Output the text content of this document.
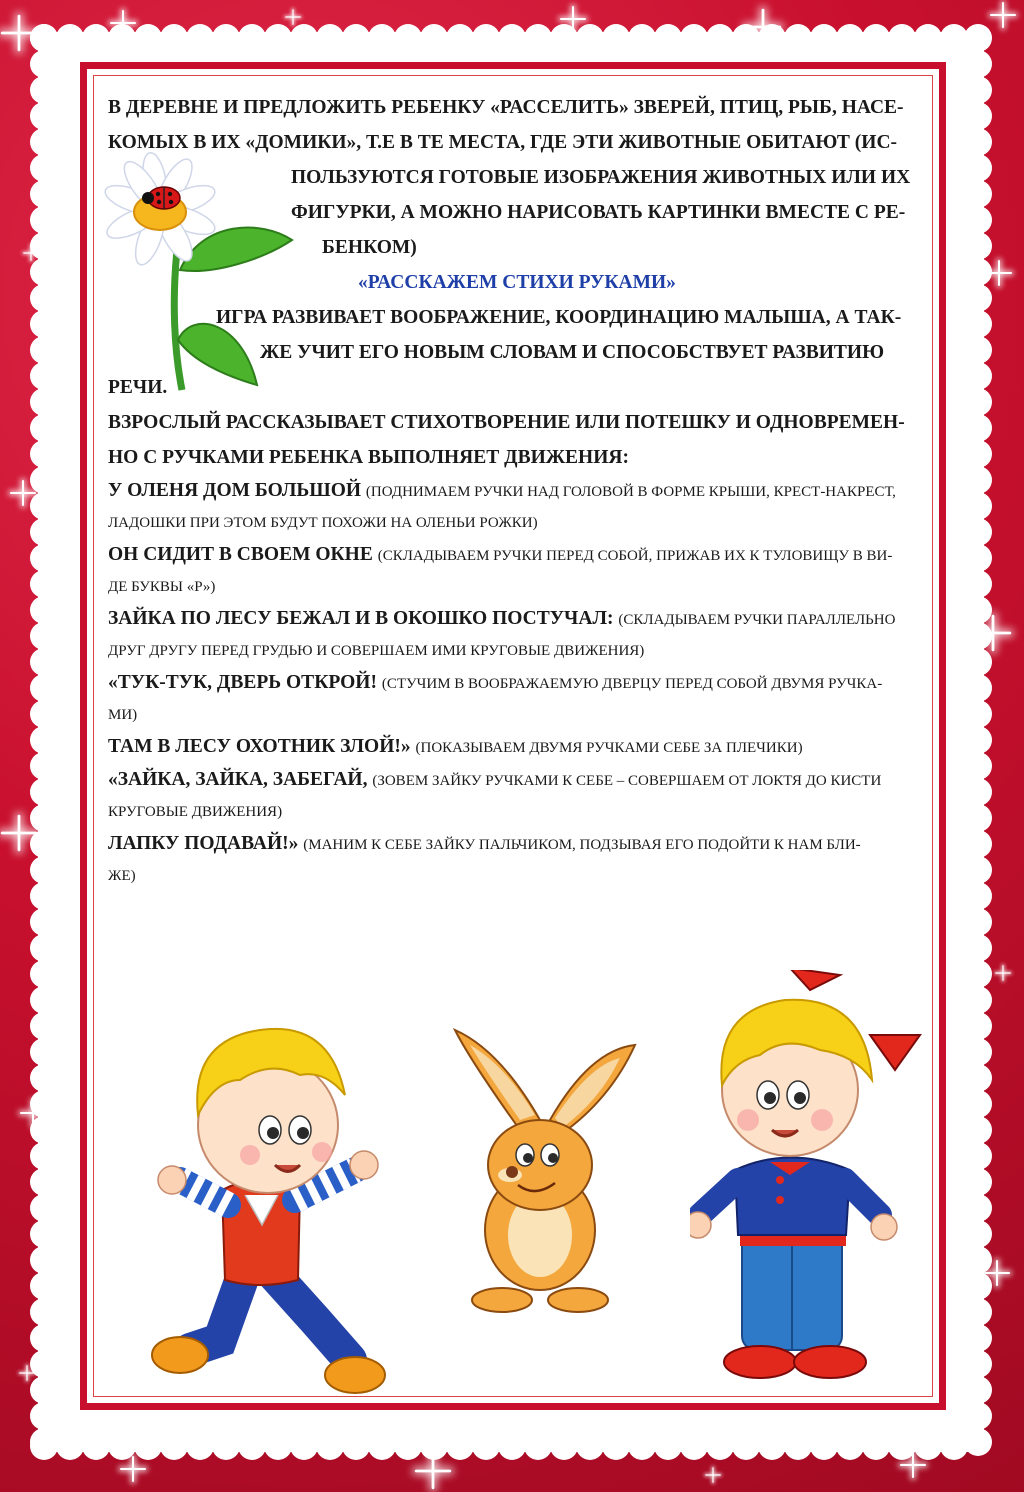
В ДЕРЕВНЕ И ПРЕДЛОЖИТЬ РЕБЕНКУ «РАССЕЛИТЬ» ЗВЕРЕЙ, ПТИЦ, РЫБ, НАСЕ-

КОМЫХ В ИХ «ДОМИКИ», Т.Е В ТЕ МЕСТА, ГДЕ ЭТИ ЖИВОТНЫЕ ОБИТАЮТ (ИС-

ПОЛЬЗУЮТСЯ ГОТОВЫЕ ИЗОБРАЖЕНИЯ ЖИВОТНЫХ ИЛИ ИХ

ФИГУРКИ, А МОЖНО НАРИСОВАТЬ КАРТИНКИ ВМЕСТЕ С РЕ-

БЕНКОМ)

«РАССКАЖЕМ СТИХИ РУКАМИ»

ИГРА РАЗВИВАЕТ ВООБРАЖЕНИЕ, КООРДИНАЦИЮ МАЛЫША, А ТАК-

ЖЕ УЧИТ ЕГО НОВЫМ СЛОВАМ И СПОСОБСТВУЕТ РАЗВИТИЮ

РЕЧИ.

ВЗРОСЛЫЙ РАССКАЗЫВАЕТ СТИХОТВОРЕНИЕ ИЛИ ПОТЕШКУ И ОДНОВРЕМЕН-

НО С РУЧКАМИ РЕБЕНКА ВЫПОЛНЯЕТ ДВИЖЕНИЯ:

У ОЛЕНЯ ДОМ БОЛЬШОЙ (ПОДНИМАЕМ РУЧКИ НАД ГОЛОВОЙ В ФОРМЕ КРЫШИ, КРЕСТ-НАКРЕСТ,

ЛАДОШКИ ПРИ ЭТОМ БУДУТ ПОХОЖИ НА ОЛЕНЬИ РОЖКИ)

ОН СИДИТ В СВОЕМ ОКНЕ (СКЛАДЫВАЕМ РУЧКИ ПЕРЕД СОБОЙ, ПРИЖАВ ИХ К ТУЛОВИЩУ В ВИ-

ДЕ БУКВЫ «Р»)

ЗАЙКА ПО ЛЕСУ БЕЖАЛ И В ОКОШКО ПОСТУЧАЛ: (СКЛАДЫВАЕМ РУЧКИ ПАРАЛЛЕЛЬНО

ДРУГ ДРУГУ ПЕРЕД ГРУДЬЮ И СОВЕРШАЕМ ИМИ КРУГОВЫЕ ДВИЖЕНИЯ)

«ТУК-ТУК, ДВЕРЬ ОТКРОЙ! (СТУЧИМ В ВООБРАЖАЕМУЮ ДВЕРЦУ ПЕРЕД СОБОЙ ДВУМЯ РУЧКА-

МИ)

ТАМ В ЛЕСУ ОХОТНИК ЗЛОЙ!» (ПОКАЗЫВАЕМ ДВУМЯ РУЧКАМИ СЕБЕ ЗА ПЛЕЧИКИ)

«ЗАЙКА, ЗАЙКА, ЗАБЕГАЙ, (ЗОВЕМ ЗАЙКУ РУЧКАМИ К СЕБЕ – СОВЕРШАЕМ ОТ ЛОКТЯ ДО КИСТИ

КРУГОВЫЕ ДВИЖЕНИЯ)

ЛАПКУ ПОДАВАЙ!» (МАНИМ К СЕБЕ ЗАЙКУ ПАЛЬЧИКОМ, ПОДЗЫВАЯ ЕГО ПОДОЙТИ К НАМ БЛИ-

ЖЕ)
